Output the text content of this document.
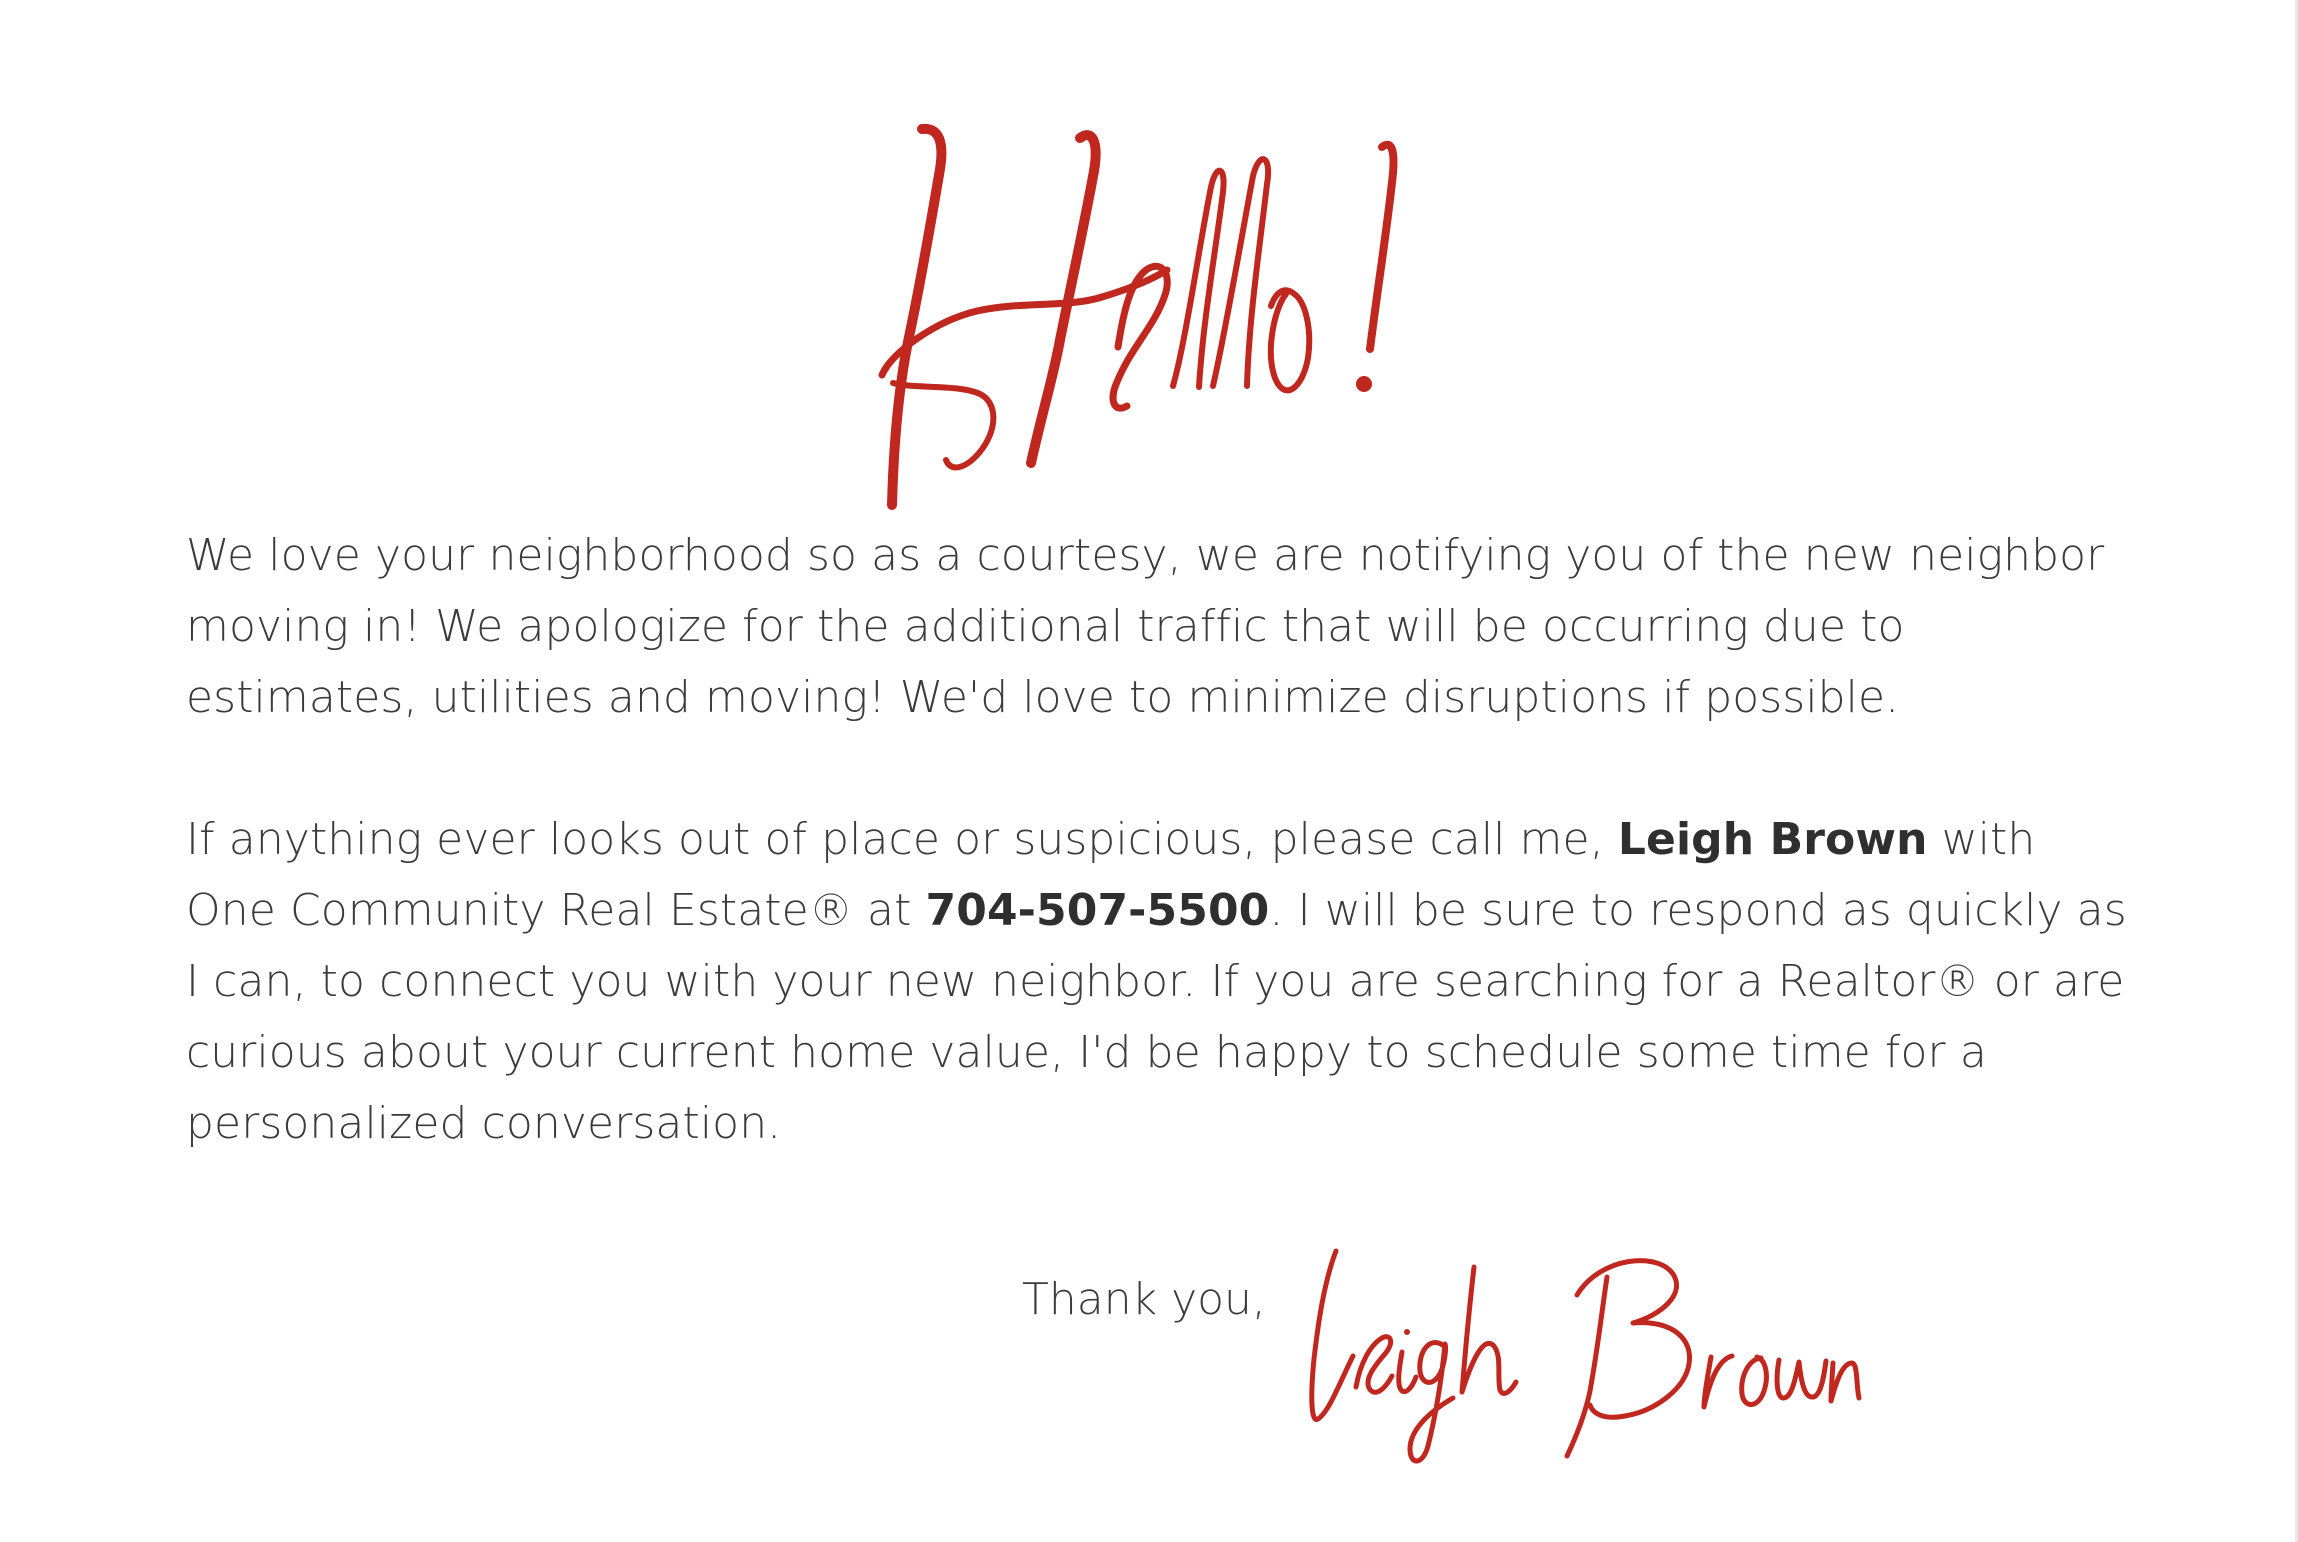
We love your neighborhood so as a courtesy, we are notifying you of the new neighbor moving in! We apologize for the additional traffic that will be occurring due to estimates, utilities and moving! We'd love to minimize disruptions if possible.

If anything ever looks out of place or suspicious, please call me, Leigh Brown with One Community Real Estate® at 704-507-5500. I will be sure to respond as quickly as I can, to connect you with your new neighbor. If you are searching for a Realtor® or are curious about your current home value, I'd be happy to schedule some time for a personalized conversation.

Thank you,
